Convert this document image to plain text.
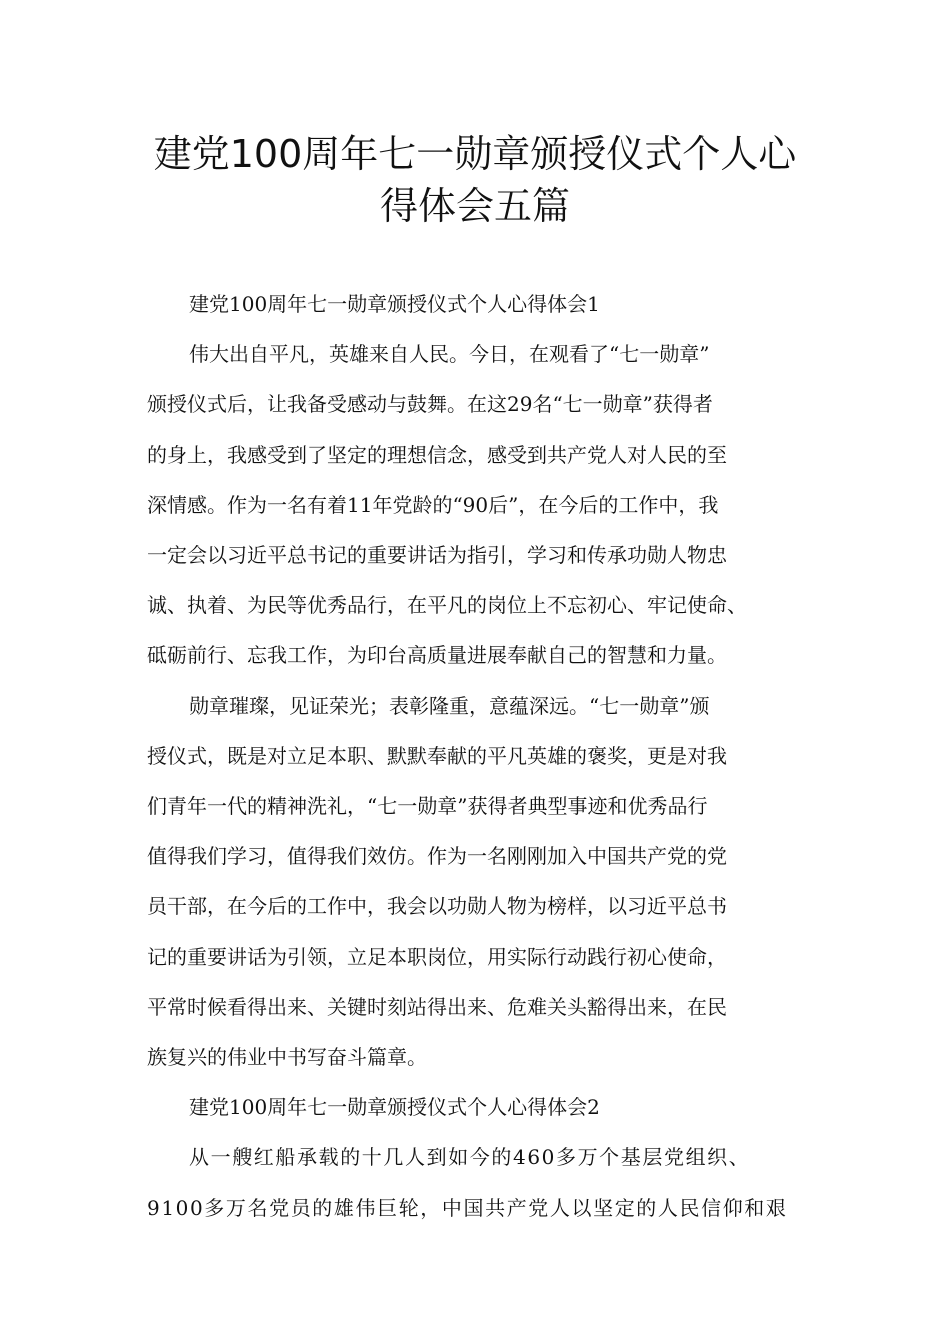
建党100周年七一勋章颁授仪式个人心
得体会五篇

建党100周年七一勋章颁授仪式个人心得体会1

伟大出自平凡，英雄来自人民。今日，在观看了“七一勋章”
颁授仪式后，让我备受感动与鼓舞。在这29名“七一勋章”获得者
的身上，我感受到了坚定的理想信念，感受到共产党人对人民的至
深情感。作为一名有着11年党龄的“90后”，在今后的工作中，我
一定会以习近平总书记的重要讲话为指引，学习和传承功勋人物忠
诚、执着、为民等优秀品行，在平凡的岗位上不忘初心、牢记使命、
砥砺前行、忘我工作，为印台高质量进展奉献自己的智慧和力量。

勋章璀璨，见证荣光；表彰隆重，意蕴深远。“七一勋章”颁
授仪式，既是对立足本职、默默奉献的平凡英雄的褒奖，更是对我
们青年一代的精神洗礼，“七一勋章”获得者典型事迹和优秀品行
值得我们学习，值得我们效仿。作为一名刚刚加入中国共产党的党
员干部，在今后的工作中，我会以功勋人物为榜样，以习近平总书
记的重要讲话为引领，立足本职岗位，用实际行动践行初心使命，
平常时候看得出来、关键时刻站得出来、危难关头豁得出来，在民
族复兴的伟业中书写奋斗篇章。

建党100周年七一勋章颁授仪式个人心得体会2

从一艘红船承载的十几人到如今的460多万个基层党组织、
9100多万名党员的雄伟巨轮，中国共产党人以坚定的人民信仰和艰
